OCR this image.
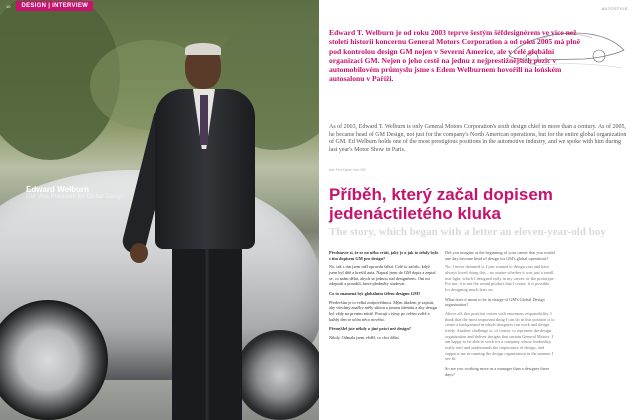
10	DESIGN | INTERVIEW
Edward Welburn
GM Vice President for Global Design
AUTOSTYLE

Edward T. Welburn je od roku 2003 teprve šestým šéfdesignérem ve více než století historii koncernu General Motors Corporation a od roku 2005 má plně pod kontrolou design GM nejen v Severní Americe, ale v celé globální organizaci GM. Nejen o jeho cestě na jednu z nejprestižnějších pozic v automobilovém průmyslu jsme s Edem Welburnem hovořili na lońském autosalonu v Paříži.

As of 2003, Edward T. Welburn is only General Motors Corporation's sixth design chief in more than a century. As of 2005, he became head of GM Design, not just for the company's North American operations, but for the entire global organization of GM. Ed Welburn holds one of the most prestigious positions in the automotive industry, and we spoke with him during last year's Motor Show in Paris.

text: Petr Kaiser, foto: GM
Příběh, který začal dopisem jedenáctiletého kluka
The story, which began with a letter an eleven-year-old boy

Představte si, že se na něho vrátí, jaký je a jak to tehdy bylo s tím dopisem GM pro design?

No, tak s tím jsem měl opravdu štěstí. Celé to začalo, když jsem byl dítě a kreslil auta. Napsal jsem do GM dopis a zeptal se, co mám dělat, abych se jednou stal designérem. Oni mi odepsali a poradili, které předměty studovat.

Co to znamená být globálním šéfem designu GM?

Především je to velká zodpovědnost. Mým úkolem je zajistit, aby všechny značky měly silnou a jasnou identitu a aby design byl vždy na prvním místě. Pracuji s týmy po celém světě a každý den se učím něco nového.

Přemýšlel jste někdy o jiné práci než design?

Nikdy. Odmala jsem věděl, co chci dělat.

Did you imagine at the beginning of your career that you would one day become head of design for GM's global operations?

No, I never dreamed it. I just wanted to design cars and have always loved doing this – no matter whether it was just a small tear light, which I designed early in my career, or the prototype. For me, it is not the actual product that I create, it is possible for designing much later on.

What does it mean to be in charge of GM's Global Design organization?

Above all, this position comes with enormous responsibility. I think that the most important thing I can do in this position is to create a background in which designers can work and design freely. Another challenge is, of course, to represent the design organization and deliver designs that sustain General Motors. I am happy to be able to work for a company whose leadership really sees and understands the importance of design, and supports me in running the design organization in the manner I see fit.

So are you working more as a manager than a designer these days?
